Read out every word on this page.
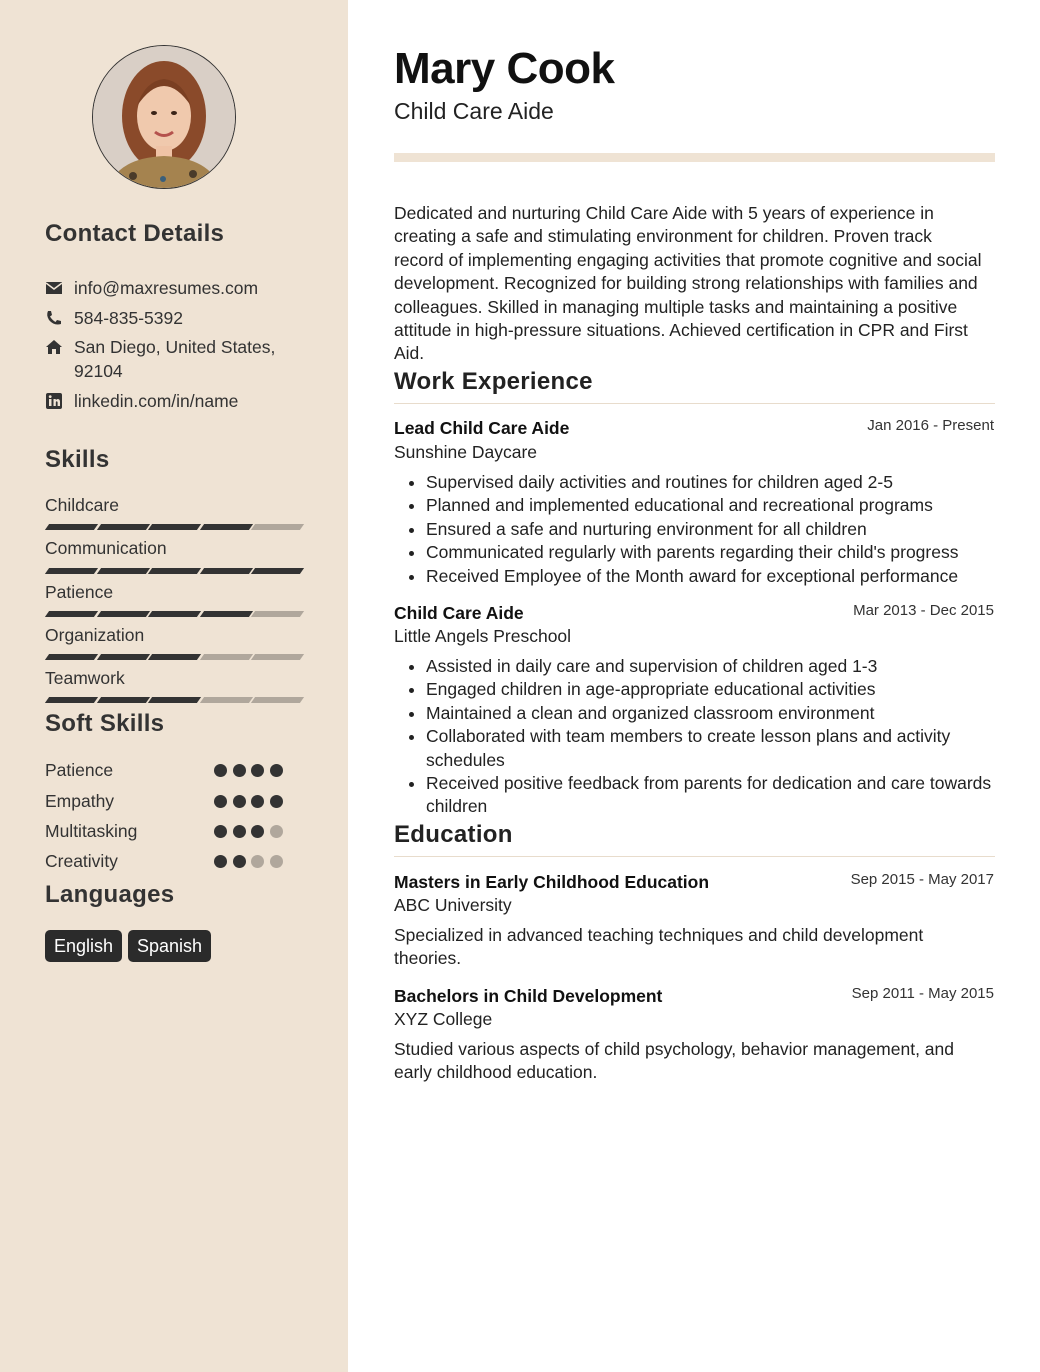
Contact Details
info@maxresumes.com
584-835-5392
San Diego, United States, 92104
linkedin.com/in/name
Skills
Childcare
Communication
Patience
Organization
Teamwork
Soft Skills
Patience
Empathy
Multitasking
Creativity
Languages
English	Spanish
Mary Cook
Child Care Aide
Dedicated and nurturing Child Care Aide with 5 years of experience in creating a safe and stimulating environment for children. Proven track record of implementing engaging activities that promote cognitive and social development. Recognized for building strong relationships with families and colleagues. Skilled in managing multiple tasks and maintaining a positive attitude in high-pressure situations. Achieved certification in CPR and First Aid.
Work Experience
Lead Child Care Aide	Jan 2016 - Present
Sunshine Daycare
• Supervised daily activities and routines for children aged 2-5
• Planned and implemented educational and recreational programs
• Ensured a safe and nurturing environment for all children
• Communicated regularly with parents regarding their child's progress
• Received Employee of the Month award for exceptional performance
Child Care Aide	Mar 2013 - Dec 2015
Little Angels Preschool
• Assisted in daily care and supervision of children aged 1-3
• Engaged children in age-appropriate educational activities
• Maintained a clean and organized classroom environment
• Collaborated with team members to create lesson plans and activity schedules
• Received positive feedback from parents for dedication and care towards children
Education
Masters in Early Childhood Education	Sep 2015 - May 2017
ABC University
Specialized in advanced teaching techniques and child development theories.
Bachelors in Child Development	Sep 2011 - May 2015
XYZ College
Studied various aspects of child psychology, behavior management, and early childhood education.
